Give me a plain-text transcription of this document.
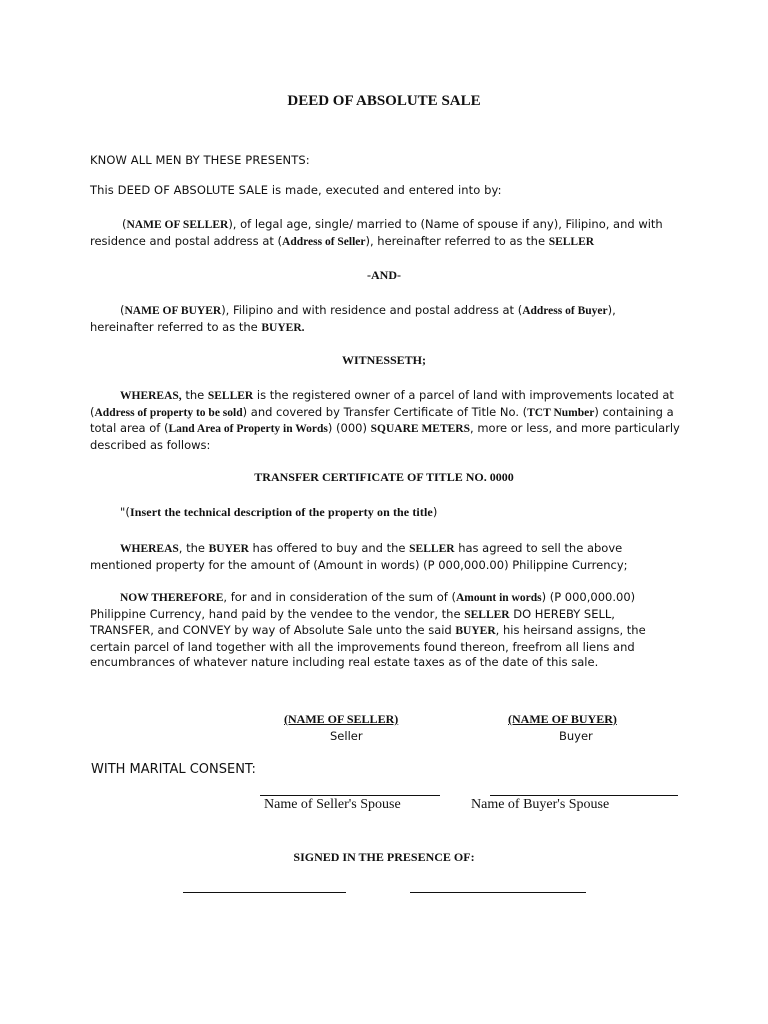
DEED OF ABSOLUTE SALE
KNOW ALL MEN BY THESE PRESENTS:
This DEED OF ABSOLUTE SALE is made, executed and entered into by:
(NAME OF SELLER), of legal age, single/ married to (Name of spouse if any), Filipino, and with residence and postal address at (Address of Seller), hereinafter referred to as the SELLER
-AND-
(NAME OF BUYER), Filipino and with residence and postal address at (Address of Buyer), hereinafter referred to as the BUYER.
WITNESSETH;
WHEREAS, the SELLER is the registered owner of a parcel of land with improvements located at (Address of property to be sold) and covered by Transfer Certificate of Title No. (TCT Number) containing a total area of (Land Area of Property in Words) (000) SQUARE METERS, more or less, and more particularly described as follows:
TRANSFER CERTIFICATE OF TITLE NO. 0000
"(Insert the technical description of the property on the title)
WHEREAS, the BUYER has offered to buy and the SELLER has agreed to sell the above mentioned property for the amount of (Amount in words) (P 000,000.00) Philippine Currency;
NOW THEREFORE, for and in consideration of the sum of (Amount in words) (P 000,000.00) Philippine Currency, hand paid by the vendee to the vendor, the SELLER DO HEREBY SELL, TRANSFER, and CONVEY by way of Absolute Sale unto the said BUYER, his heirsand assigns, the certain parcel of land together with all the improvements found thereon, freefrom all liens and encumbrances of whatever nature including real estate taxes as of the date of this sale.
(NAME OF SELLER)
Seller
(NAME OF BUYER)
Buyer
WITH MARITAL CONSENT:
Name of Seller's Spouse	Name of Buyer's Spouse
SIGNED IN THE PRESENCE OF:
